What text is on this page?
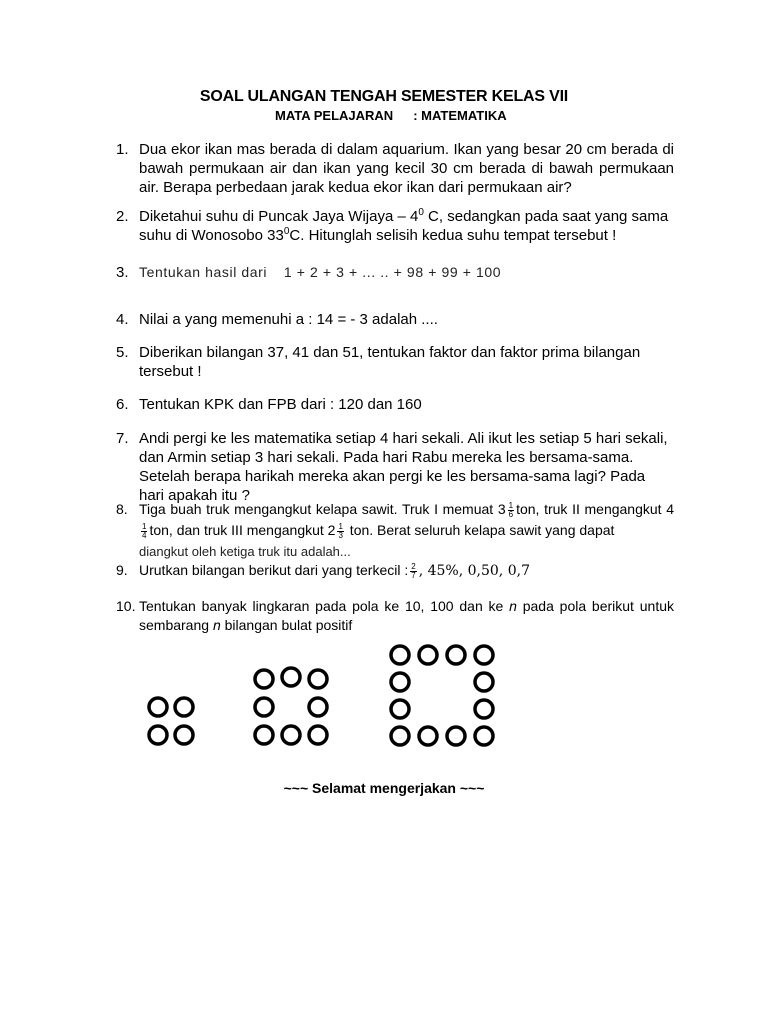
SOAL ULANGAN TENGAH SEMESTER KELAS VII
MATA PELAJARAN : MATEMATIKA
1. Dua ekor ikan mas berada di dalam aquarium. Ikan yang besar 20 cm berada di bawah permukaan air dan ikan yang kecil 30 cm berada di bawah permukaan air. Berapa perbedaan jarak kedua ekor ikan dari permukaan air?
2. Diketahui suhu di Puncak Jaya Wijaya – $4^0$ C, sedangkan pada saat yang sama suhu di Wonosobo $33^0C$. Hitunglah selisih kedua suhu tempat tersebut !
3. Tentukan hasil dari 1 + 2 + 3 + ... .. + 98 + 99 + 100
4. Nilai a yang memenuhi a : 14 = - 3 adalah ....
5. Diberikan bilangan 37, 41 dan 51, tentukan faktor dan faktor prima bilangan tersebut !
6. Tentukan KPK dan FPB dari : 120 dan 160
7. Andi pergi ke les matematika setiap 4 hari sekali. Ali ikut les setiap 5 hari sekali, dan Armin setiap 3 hari sekali. Pada hari Rabu mereka les bersama-sama. Setelah berapa harikah mereka akan pergi ke les bersama-sama lagi? Pada hari apakah itu ?
8. Tiga buah truk mengangkut kelapa sawit. Truk I memuat $3 \frac{1}{6}$ ton, truk II mengangkut 4
$\frac{1}{4}$ ton, dan truk III mengangkut $2 \frac{1}{3}$ ton. Berat seluruh kelapa sawit yang dapat
diangkut oleh ketiga truk itu adalah...
9. Urutkan bilangan berikut dari yang terkecil : $\frac{2}{7}$ , 45%, 0,50, 0,7
10. Tentukan banyak lingkaran pada pola ke 10, 100 dan ke n pada pola berikut untuk sembarang n bilangan bulat positif
~~~ Selamat mengerjakan ~~~
